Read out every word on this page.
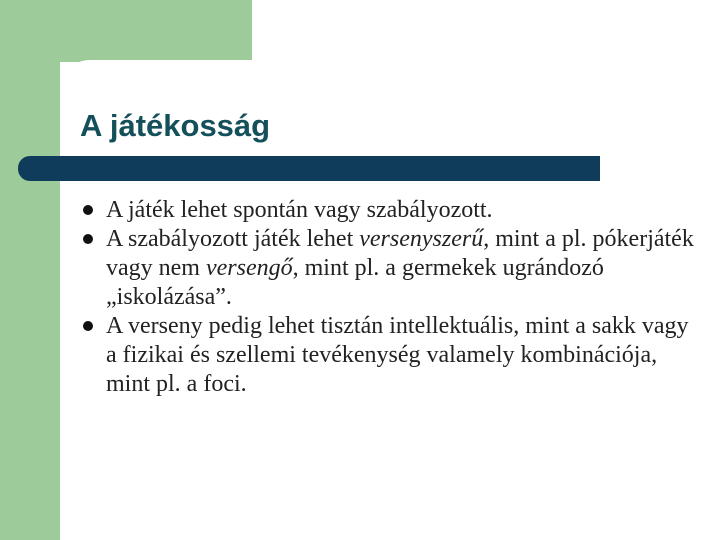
A játékosság
A játék lehet spontán vagy szabályozott.
A szabályozott játék lehet versenyszerű, mint a pl. pókerjáték vagy nem versengő, mint pl. a germekek ugrándozó „iskolázása”.
A verseny pedig lehet tisztán intellektuális, mint a sakk vagy a fizikai és szellemi tevékenység valamely kombinációja, mint pl. a foci.
